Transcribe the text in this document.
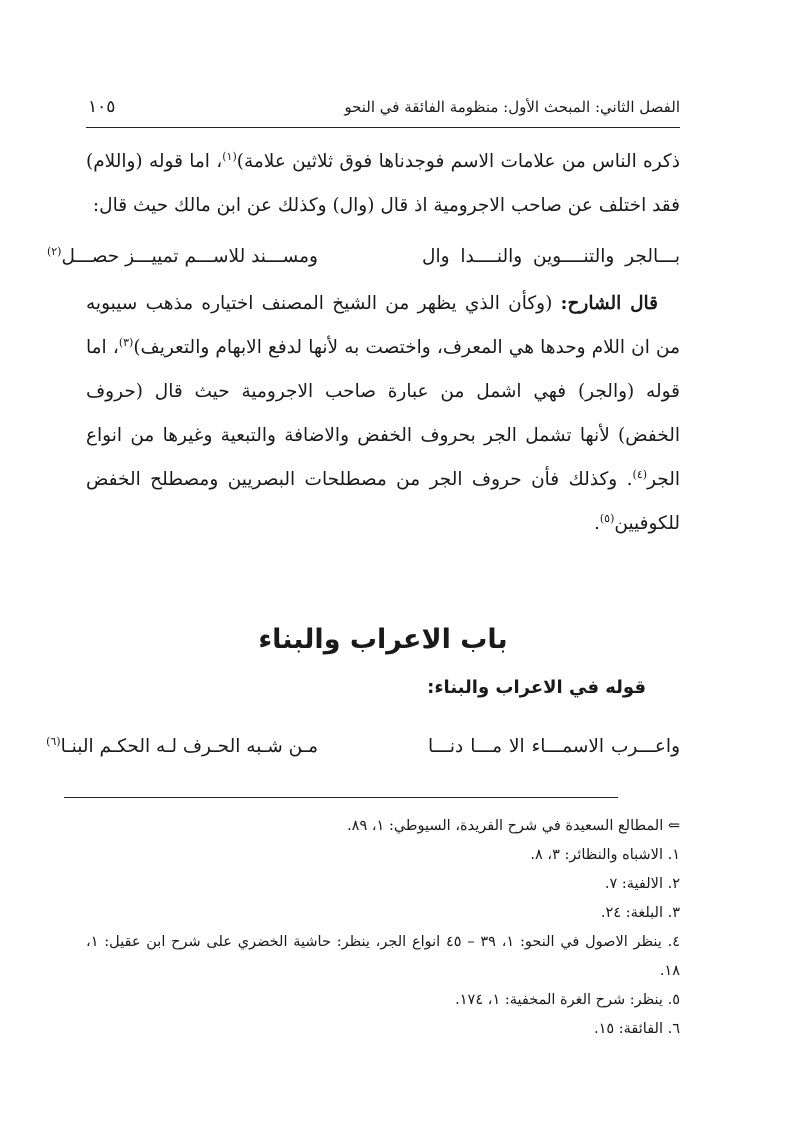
الفصل الثاني: المبحث الأول: منظومة الفائقة في النحو
١٠٥

ذكره الناس من علامات الاسم فوجدناها فوق ثلاثين علامة)$^{(١)}$، اما قوله (واللام) فقد اختلف عن صاحب الاجرومية اذ قال (وال) وكذلك عن ابن مالك حيث قال:

بـــالجر والتنــــوين والنــــدا وال
ومســـند للاســـم تمييـــز حصـــل$^{(٢)}$

قال الشارح: (وكأن الذي يظهر من الشيخ المصنف اختياره مذهب سيبويه من ان اللام وحدها هي المعرف، واختصت به لأنها لدفع الابهام والتعريف)$^{(٣)}$، اما قوله (والجر) فهي اشمل من عبارة صاحب الاجرومية حيث قال (حروف الخفض) لأنها تشمل الجر بحروف الخفض والاضافة والتبعية وغيرها من انواع الجر$^{(٤)}$. وكذلك فأن حروف الجر من مصطلحات البصريين ومصطلح الخفض للكوفيين$^{(٥)}$.

باب الاعراب والبناء
قوله في الاعراب والبناء:
واعـــرب الاسمـــاء الا مـــا دنـــا
مـن شـبه الحـرف لـه الحكـم البنـا$^{(٦)}$

⇐ المطالع السعيدة في شرح الفريدة، السيوطي: ١، ٨٩.

١. الاشباه والنظائر: ٣، ٨.

٢. الالفية: ٧.

٣. البلغة: ٢٤.

٤. ينظر الاصول في النحو: ١، ٣٩ – ٤٥ انواع الجر، ينظر: حاشية الخضري على شرح ابن عقيل: ١، ١٨.

٥. ينظر: شرح الغرة المخفية: ١، ١٧٤.

٦. الفائقة: ١٥.
